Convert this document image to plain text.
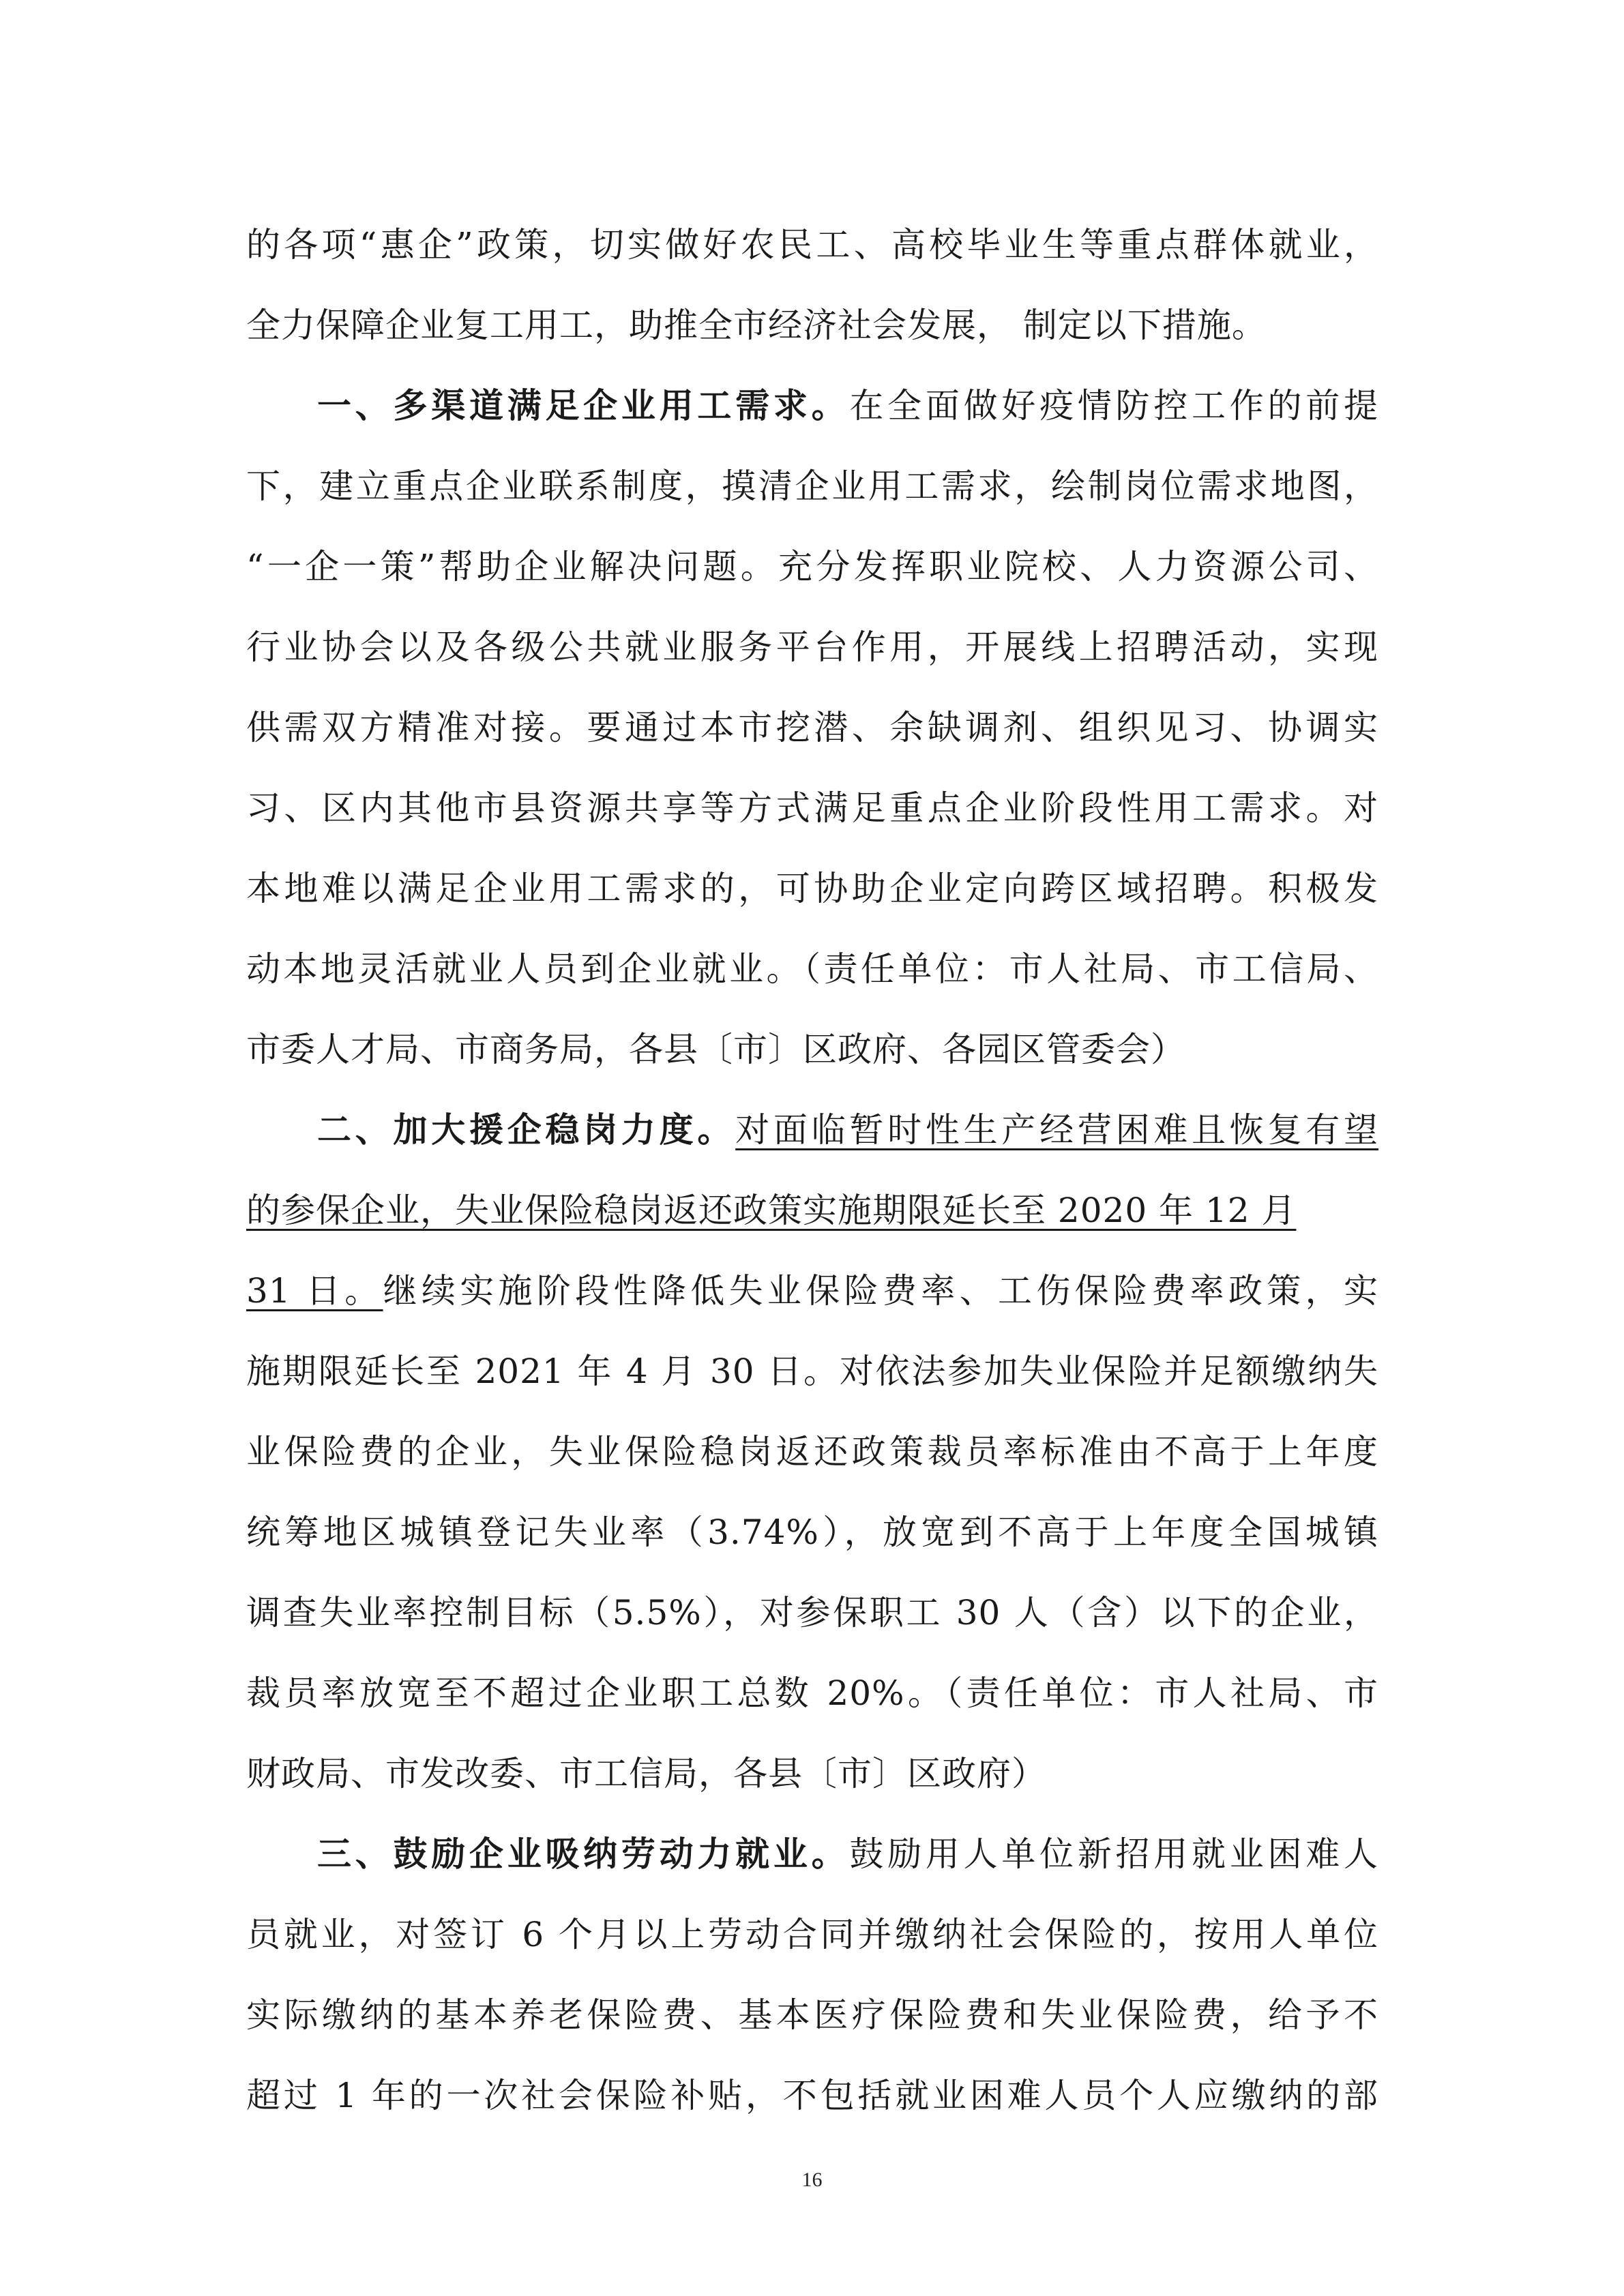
的各项“惠企”政策，切实做好农民工、高校毕业生等重点群体就业，
全力保障企业复工用工，助推全市经济社会发展， 制定以下措施。
一、多渠道满足企业用工需求。在全面做好疫情防控工作的前提
下，建立重点企业联系制度，摸清企业用工需求，绘制岗位需求地图，
“一企一策”帮助企业解决问题。充分发挥职业院校、人力资源公司、
行业协会以及各级公共就业服务平台作用，开展线上招聘活动，实现
供需双方精准对接。要通过本市挖潜、余缺调剂、组织见习、协调实
习、区内其他市县资源共享等方式满足重点企业阶段性用工需求。对
本地难以满足企业用工需求的，可协助企业定向跨区域招聘。积极发
动本地灵活就业人员到企业就业。（责任单位：市人社局、市工信局、
市委人才局、市商务局，各县〔市〕区政府、各园区管委会）
二、加大援企稳岗力度。对面临暂时性生产经营困难且恢复有望
的参保企业，失业保险稳岗返还政策实施期限延长至 2020 年 12 月
31 日。继续实施阶段性降低失业保险费率、工伤保险费率政策，实
施期限延长至 2021 年 4 月 30 日。对依法参加失业保险并足额缴纳失
业保险费的企业，失业保险稳岗返还政策裁员率标准由不高于上年度
统筹地区城镇登记失业率（3.74%），放宽到不高于上年度全国城镇
调查失业率控制目标（5.5%），对参保职工 30 人（含）以下的企业，
裁员率放宽至不超过企业职工总数 20%。（责任单位：市人社局、市
财政局、市发改委、市工信局，各县〔市〕区政府）
三、鼓励企业吸纳劳动力就业。鼓励用人单位新招用就业困难人
员就业，对签订 6 个月以上劳动合同并缴纳社会保险的，按用人单位
实际缴纳的基本养老保险费、基本医疗保险费和失业保险费，给予不
超过 1 年的一次社会保险补贴，不包括就业困难人员个人应缴纳的部
16
